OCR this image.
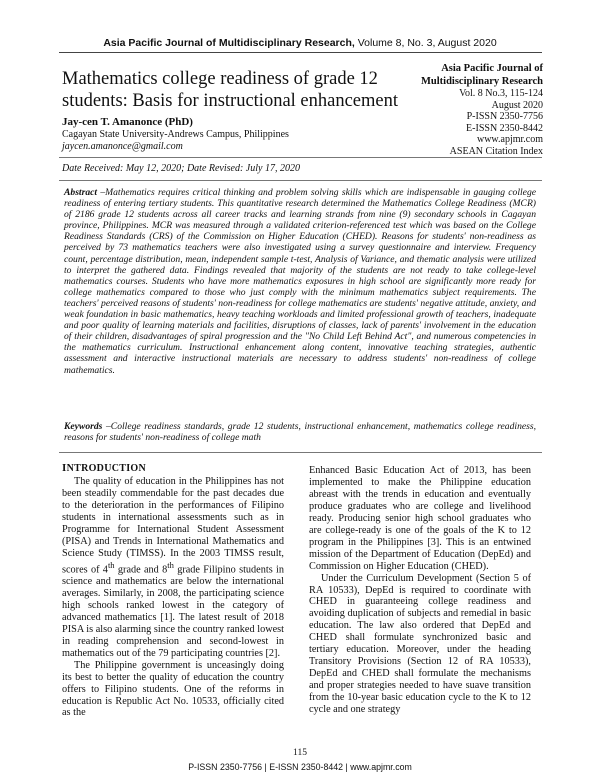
Asia Pacific Journal of Multidisciplinary Research, Volume 8, No. 3, August 2020
Mathematics college readiness of grade 12 students: Basis for instructional enhancement
Jay-cen T. Amanonce (PhD)
Cagayan State University-Andrews Campus, Philippines
jaycen.amanonce@gmail.com
Asia Pacific Journal of Multidisciplinary Research
Vol. 8 No.3, 115-124
August 2020
P-ISSN 2350-7756
E-ISSN 2350-8442
www.apjmr.com
ASEAN Citation Index
Date Received: May 12, 2020; Date Revised: July 17, 2020

Abstract –Mathematics requires critical thinking and problem solving skills which are indispensable in gauging college readiness of entering tertiary students. This quantitative research determined the Mathematics College Readiness (MCR) of 2186 grade 12 students across all career tracks and learning strands from nine (9) secondary schools in Cagayan province, Philippines. MCR was measured through a validated criterion-referenced test which was based on the College Readiness Standards (CRS) of the Commission on Higher Education (CHED). Reasons for students' non-readiness as perceived by 73 mathematics teachers were also investigated using a survey questionnaire and interview. Frequency count, percentage distribution, mean, independent sample t-test, Analysis of Variance, and thematic analysis were utilized to interpret the gathered data. Findings revealed that majority of the students are not ready to take college-level mathematics courses. Students who have more mathematics exposures in high school are significantly more ready for college mathematics compared to those who just comply with the minimum mathematics subject requirements. The teachers' perceived reasons of students' non-readiness for college mathematics are students' negative attitude, anxiety, and weak foundation in basic mathematics, heavy teaching workloads and limited professional growth of teachers, inadequate and poor quality of learning materials and facilities, disruptions of classes, lack of parents' involvement in the education of their children, disadvantages of spiral progression and the "No Child Left Behind Act", and numerous competencies in the mathematics curriculum. Instructional enhancement along content, innovative teaching strategies, authentic assessment and interactive instructional materials are necessary to address students' non-readiness of college mathematics.

Keywords –College readiness standards, grade 12 students, instructional enhancement, mathematics college readiness, reasons for students' non-readiness of college math

INTRODUCTION

The quality of education in the Philippines has not been steadily commendable for the past decades due to the deterioration in the performances of Filipino students in international assessments such as in Programme for International Student Assessment (PISA) and Trends in International Mathematics and Science Study (TIMSS). In the 2003 TIMSS result, scores of 4th grade and 8th grade Filipino students in science and mathematics are below the international averages. Similarly, in 2008, the participating science high schools ranked lowest in the category of advanced mathematics [1]. The latest result of 2018 PISA is also alarming since the country ranked lowest in reading comprehension and second-lowest in mathematics out of the 79 participating countries [2].

The Philippine government is unceasingly doing its best to better the quality of education the country offers to Filipino students. One of the reforms in education is Republic Act No. 10533, officially cited as the

Enhanced Basic Education Act of 2013, has been implemented to make the Philippine education abreast with the trends in education and eventually produce graduates who are college and livelihood ready. Producing senior high school graduates who are college-ready is one of the goals of the K to 12 program in the Philippines [3]. This is an entwined mission of the Department of Education (DepEd) and Commission on Higher Education (CHED).

Under the Curriculum Development (Section 5 of RA 10533), DepEd is required to coordinate with CHED in guaranteeing college readiness and avoiding duplication of subjects and remedial in basic education. The law also ordered that DepEd and CHED shall formulate synchronized basic and tertiary education. Moreover, under the heading Transitory Provisions (Section 12 of RA 10533), DepEd and CHED shall formulate the mechanisms and proper strategies needed to have suave transition from the 10-year basic education cycle to the K to 12 cycle and one strategy

115
P-ISSN 2350-7756 | E-ISSN 2350-8442 | www.apjmr.com
